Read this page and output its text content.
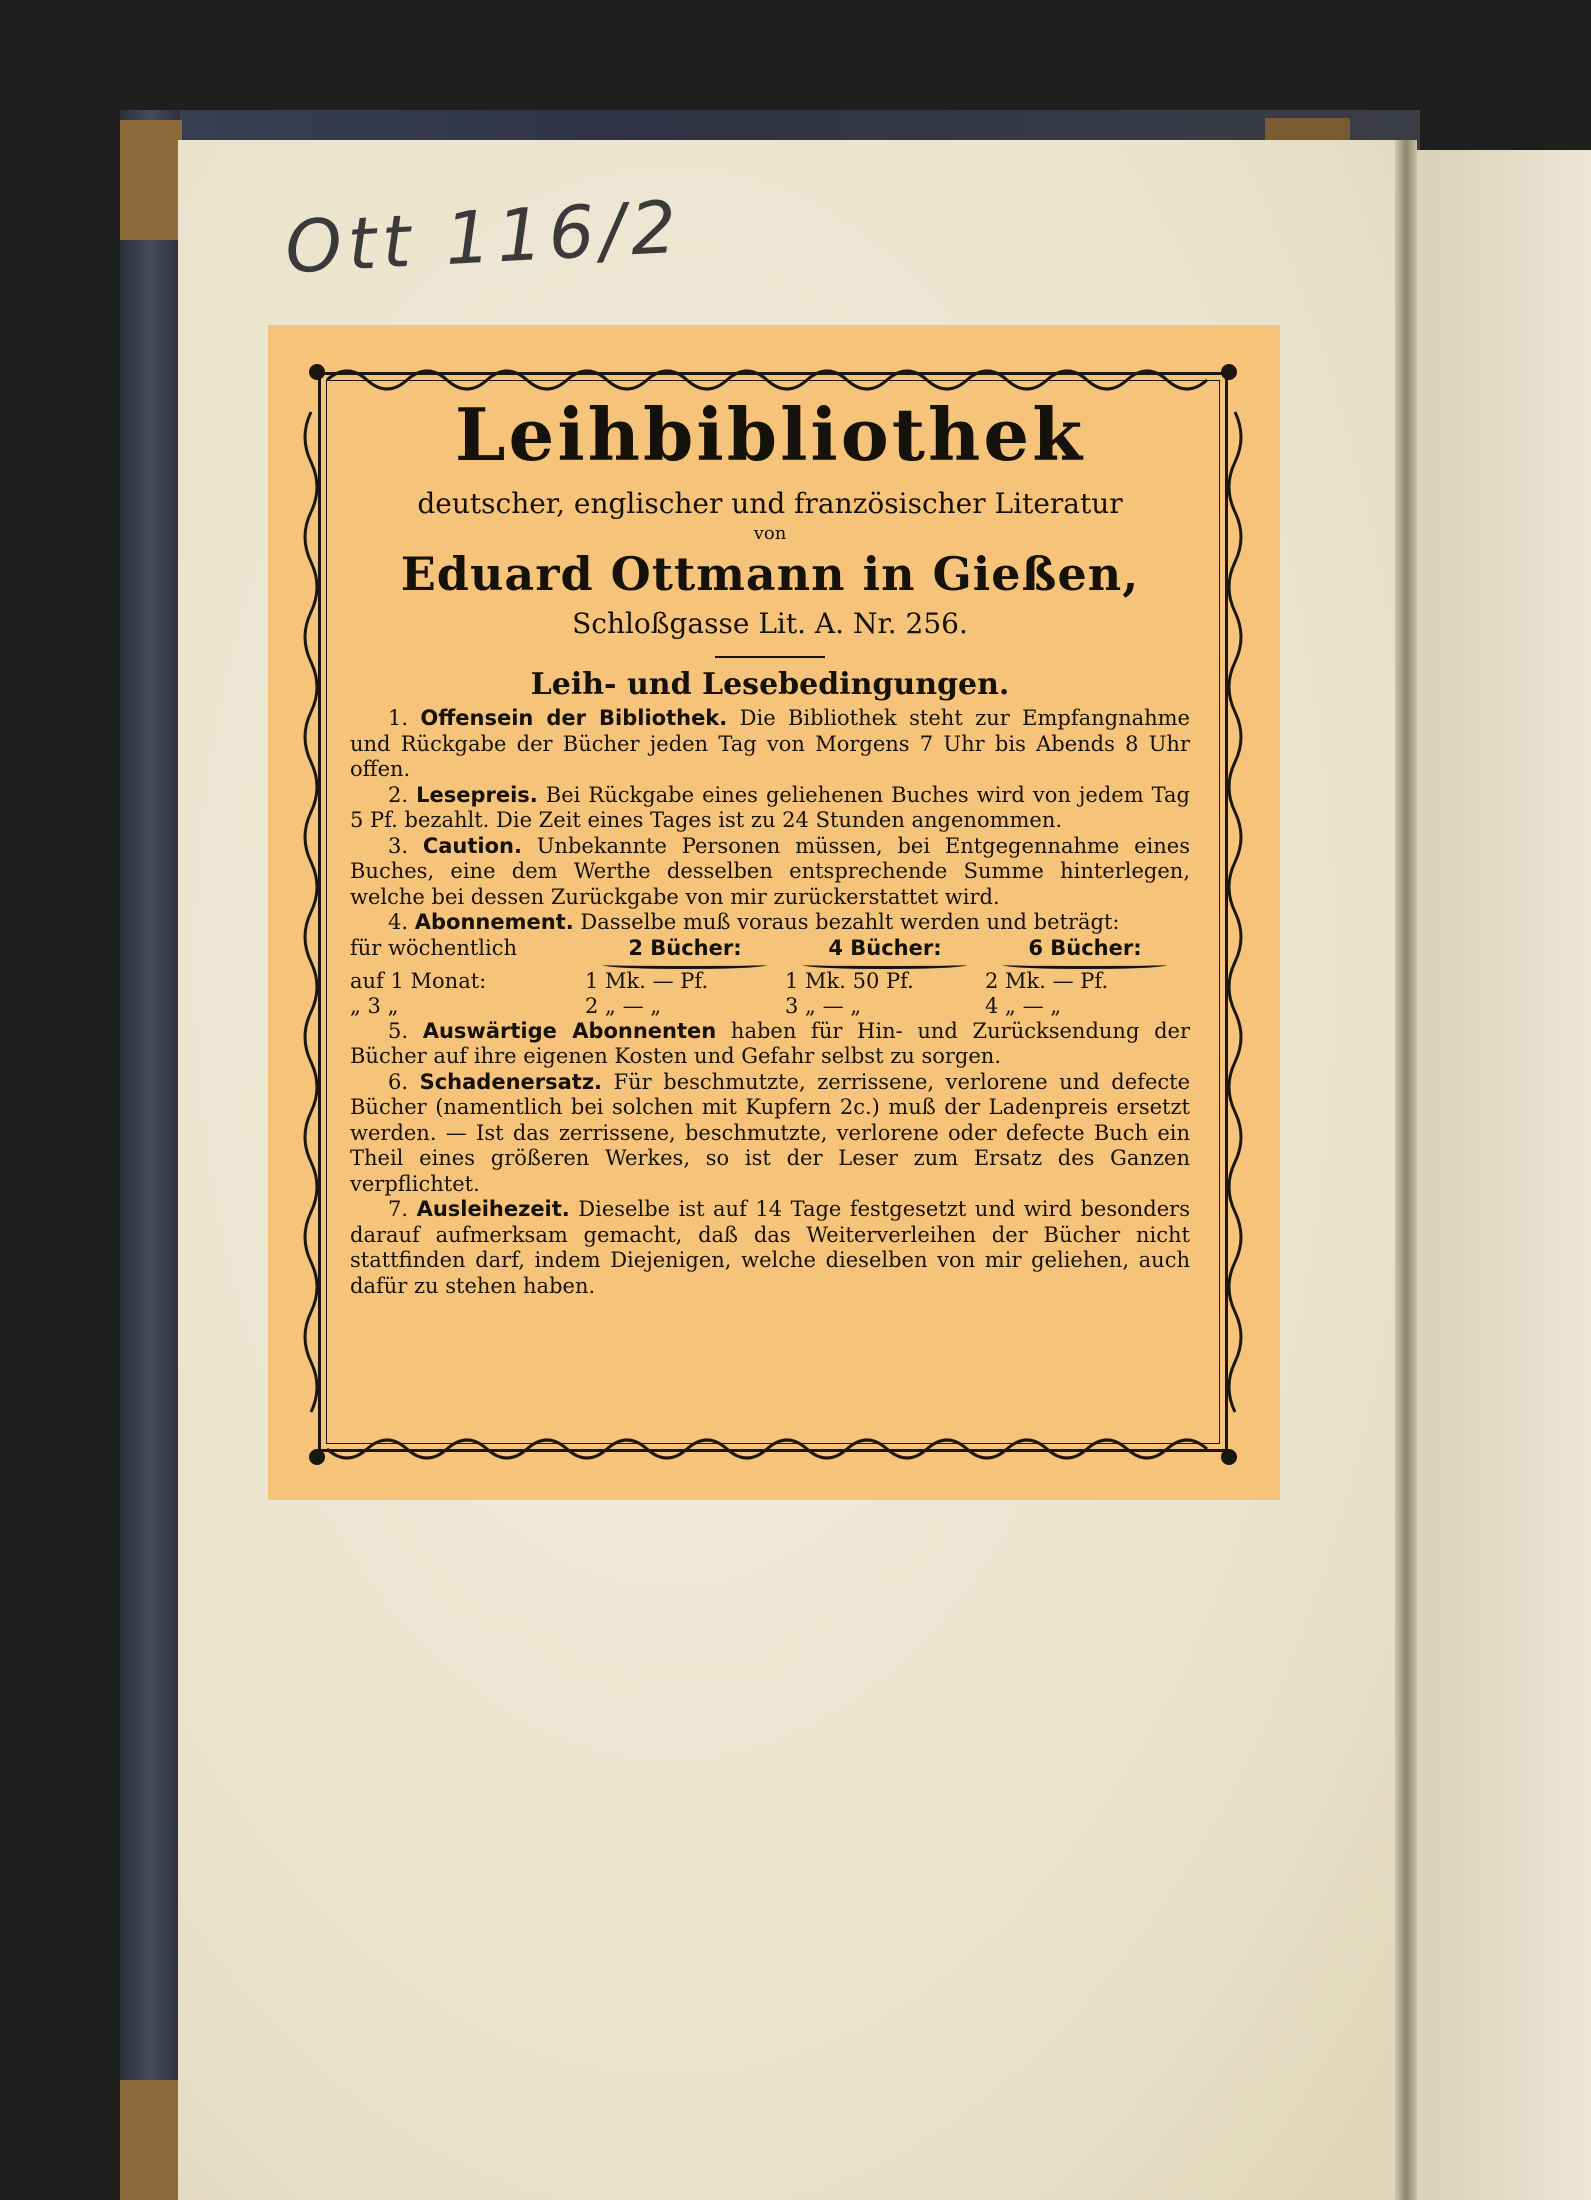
Ott 116/2
Leihbibliothek
deutscher, englischer und französischer Literatur
von
Eduard Ottmann in Gießen,
Schloßgasse Lit. A. Nr. 256.
Leih- und Lesebedingungen.
1. Offensein der Bibliothek. Die Bibliothek steht zur Empfangnahme und Rückgabe der Bücher jeden Tag von Morgens 7 Uhr bis Abends 8 Uhr offen.
2. Lesepreis. Bei Rückgabe eines geliehenen Buches wird von jedem Tag 5 Pf. bezahlt. Die Zeit eines Tages ist zu 24 Stunden angenommen.
3. Caution. Unbekannte Personen müssen, bei Entgegennahme eines Buches, eine dem Werthe desselben entsprechende Summe hinterlegen, welche bei dessen Zurückgabe von mir zurückerstattet wird.
4. Abonnement. Dasselbe muß voraus bezahlt werden und beträgt:
für wöchentlich	2 Bücher:	4 Bücher:	6 Bücher:
auf 1 Monat:	1 Mk. — Pf.	1 Mk. 50 Pf.	2 Mk. — Pf.
„ 3 „	2 „ — „	3 „ — „	4 „ — „
5. Auswärtige Abonnenten haben für Hin- und Zurücksendung der Bücher auf ihre eigenen Kosten und Gefahr selbst zu sorgen.
6. Schadenersatz. Für beschmutzte, zerrissene, verlorene und defecte Bücher (namentlich bei solchen mit Kupfern 2c.) muß der Ladenpreis ersetzt werden. — Ist das zerrissene, beschmutzte, verlorene oder defecte Buch ein Theil eines größeren Werkes, so ist der Leser zum Ersatz des Ganzen verpflichtet.
7. Ausleihezeit. Dieselbe ist auf 14 Tage festgesetzt und wird besonders darauf aufmerksam gemacht, daß das Weiterverleihen der Bücher nicht stattfinden darf, indem Diejenigen, welche dieselben von mir geliehen, auch dafür zu stehen haben.
